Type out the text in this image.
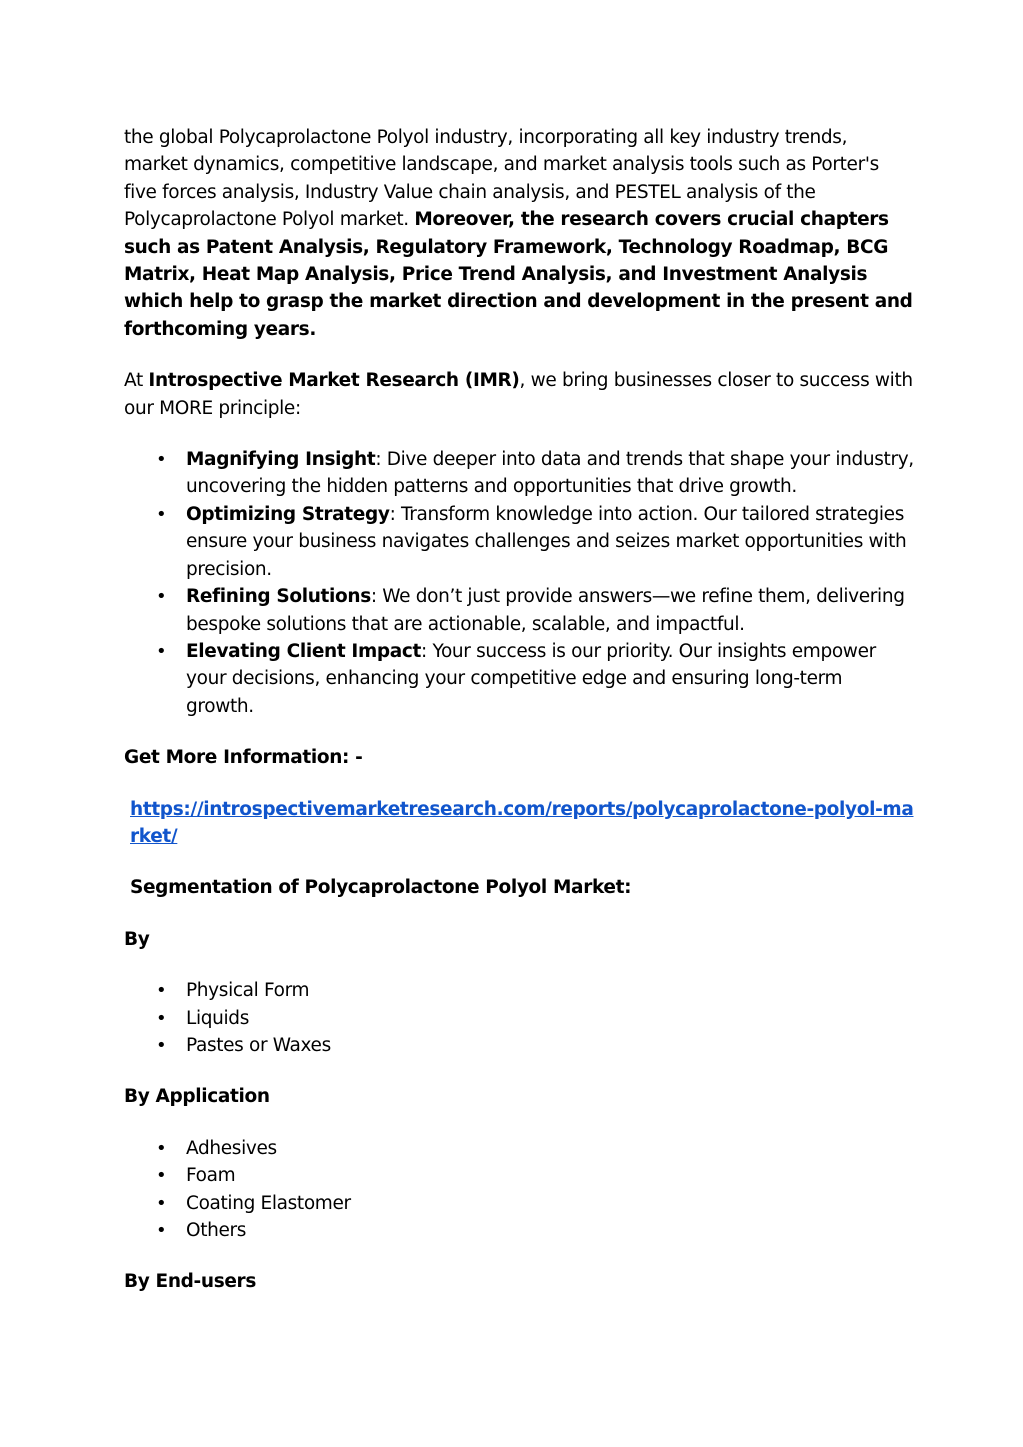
the global Polycaprolactone Polyol industry, incorporating all key industry trends, market dynamics, competitive landscape, and market analysis tools such as Porter's five forces analysis, Industry Value chain analysis, and PESTEL analysis of the Polycaprolactone Polyol market. Moreover, the research covers crucial chapters such as Patent Analysis, Regulatory Framework, Technology Roadmap, BCG Matrix, Heat Map Analysis, Price Trend Analysis, and Investment Analysis which help to grasp the market direction and development in the present and forthcoming years.

At Introspective Market Research (IMR), we bring businesses closer to success with our MORE principle:

• Magnifying Insight: Dive deeper into data and trends that shape your industry, uncovering the hidden patterns and opportunities that drive growth.
• Optimizing Strategy: Transform knowledge into action. Our tailored strategies ensure your business navigates challenges and seizes market opportunities with precision.
• Refining Solutions: We don’t just provide answers—we refine them, delivering bespoke solutions that are actionable, scalable, and impactful.
• Elevating Client Impact: Your success is our priority. Our insights empower your decisions, enhancing your competitive edge and ensuring long-term growth.

Get More Information: -

https://introspectivemarketresearch.com/reports/polycaprolactone-polyol-market/

Segmentation of Polycaprolactone Polyol Market:

By

• Physical Form
• Liquids
• Pastes or Waxes

By Application

• Adhesives
• Foam
• Coating Elastomer
• Others

By End-users
